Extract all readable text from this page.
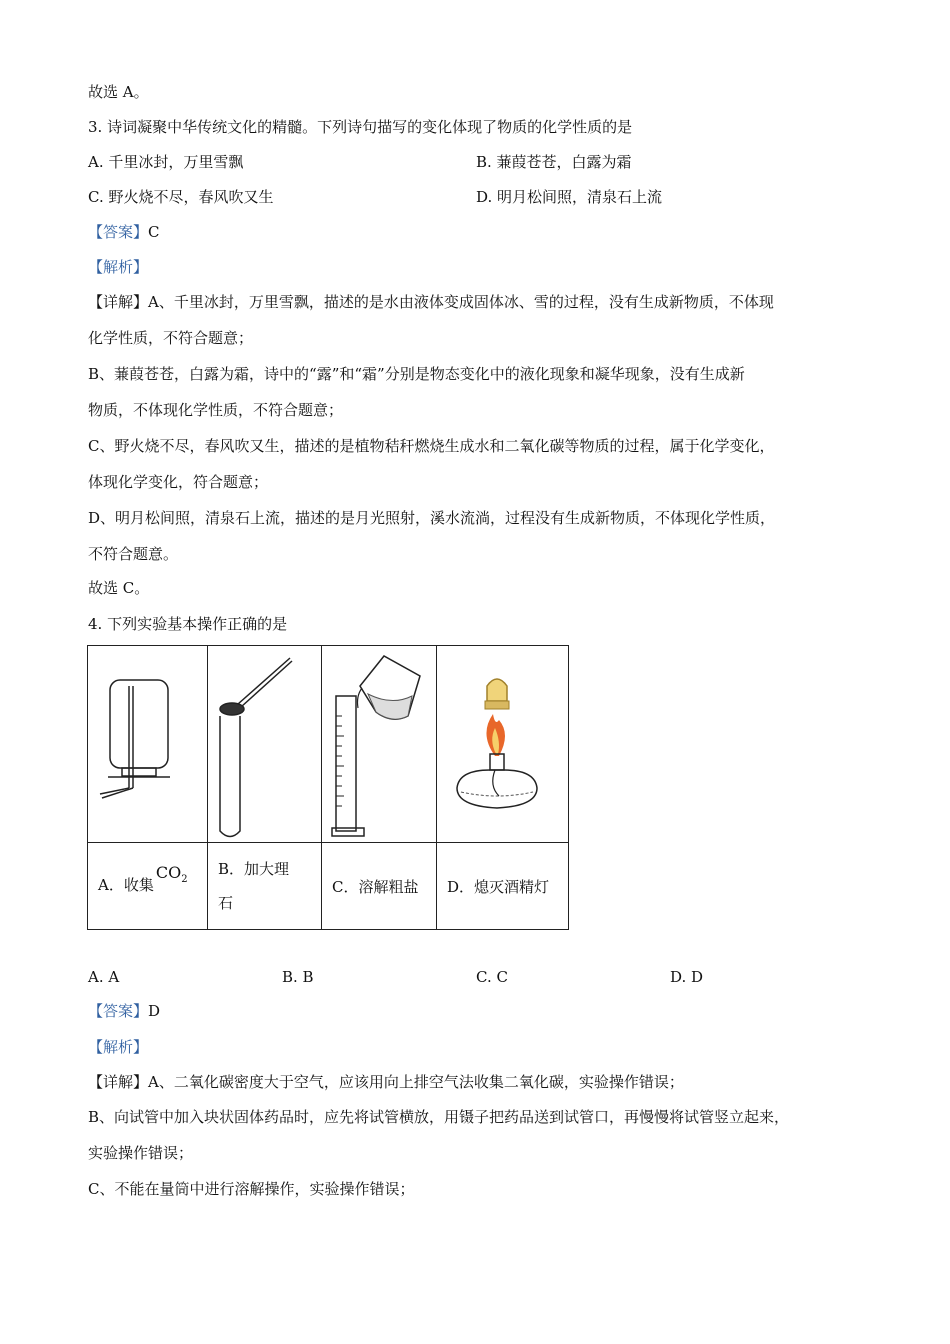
故选 A。
3. 诗词凝聚中华传统文化的精髓。下列诗句描写的变化体现了物质的化学性质的是
A. 千里冰封，万里雪飘	B. 蒹葭苍苍，白露为霜
C. 野火烧不尽，春风吹又生	D. 明月松间照，清泉石上流
【答案】C
【解析】
【详解】A、千里冰封，万里雪飘，描述的是水由液体变成固体冰、雪的过程，没有生成新物质，不体现
化学性质，不符合题意；
B、蒹葭苍苍，白露为霜，诗中的“露”和“霜”分别是物态变化中的液化现象和凝华现象，没有生成新
物质，不体现化学性质，不符合题意；
C、野火烧不尽，春风吹又生，描述的是植物秸秆燃烧生成水和二氧化碳等物质的过程，属于化学变化，
体现化学变化，符合题意；
D、明月松间照，清泉石上流，描述的是月光照射，溪水流淌，过程没有生成新物质，不体现化学性质，
不符合题意。
故选 C。
4. 下列实验基本操作正确的是

A．收集$CO_2$	B．加大理
石	C．溶解粗盐	D．熄灭酒精灯
A. A	B. B	C. C	D. D
【答案】D
【解析】
【详解】A、二氧化碳密度大于空气，应该用向上排空气法收集二氧化碳，实验操作错误；
B、向试管中加入块状固体药品时，应先将试管横放，用镊子把药品送到试管口，再慢慢将试管竖立起来，
实验操作错误；
C、不能在量筒中进行溶解操作，实验操作错误；
